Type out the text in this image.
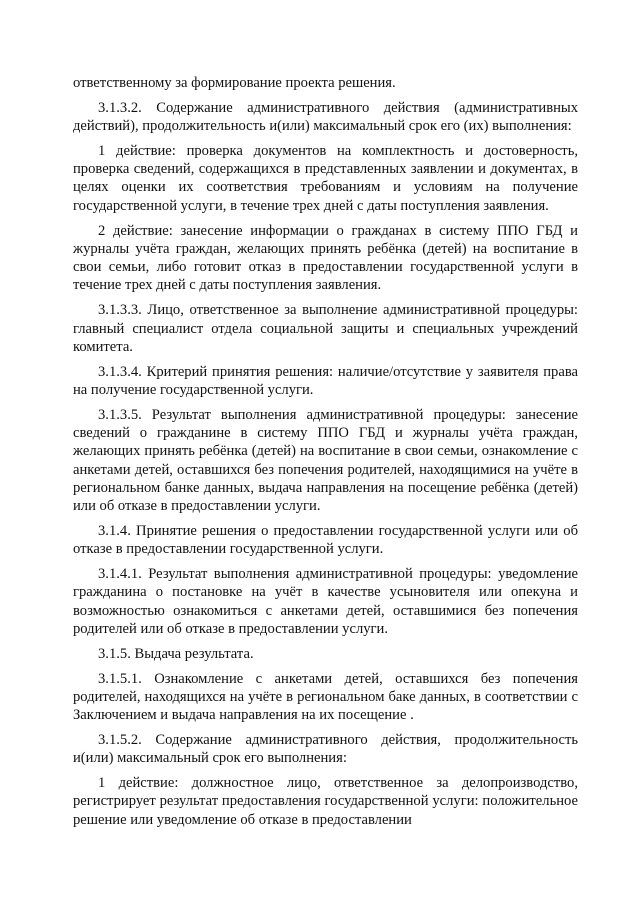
ответственному за формирование проекта решения.

3.1.3.2. Содержание административного действия (административных действий), продолжительность и(или) максимальный срок его (их) выполнения:

1 действие: проверка документов на комплектность и достоверность, проверка сведений, содержащихся в представленных заявлении и документах, в целях оценки их соответствия требованиям и условиям на получение государственной услуги, в течение трех дней с даты поступления заявления.

2 действие: занесение информации о гражданах в систему ППО ГБД и журналы учёта граждан, желающих принять ребёнка (детей) на воспитание в свои семьи, либо готовит отказ в предоставлении государственной услуги в течение трех дней с даты поступления заявления.

3.1.3.3. Лицо, ответственное за выполнение административной процедуры: главный специалист отдела социальной защиты и специальных учреждений комитета.

3.1.3.4. Критерий принятия решения: наличие/отсутствие у заявителя права на получение государственной услуги.

3.1.3.5. Результат выполнения административной процедуры: занесение сведений о гражданине в систему ППО ГБД и журналы учёта граждан, желающих принять ребёнка (детей) на воспитание в свои семьи, ознакомление с анкетами детей, оставшихся без попечения родителей, находящимися на учёте в региональном банке данных, выдача направления на посещение ребёнка (детей) или об отказе в предоставлении услуги.

3.1.4. Принятие решения о предоставлении государственной услуги или об отказе в предоставлении государственной услуги.

3.1.4.1. Результат выполнения административной процедуры: уведомление гражданина о постановке на учёт в качестве усыновителя или опекуна и возможностью ознакомиться с анкетами детей, оставшимися без попечения родителей или об отказе в предоставлении услуги.

3.1.5. Выдача результата.

3.1.5.1. Ознакомление с анкетами детей, оставшихся без попечения родителей, находящихся на учёте в региональном баке данных, в соответствии с Заключением и выдача направления на их посещение .

3.1.5.2. Содержание административного действия, продолжительность и(или) максимальный срок его выполнения:

1 действие: должностное лицо, ответственное за делопроизводство, регистрирует результат предоставления государственной услуги: положительное решение или уведомление об отказе в предоставлении
